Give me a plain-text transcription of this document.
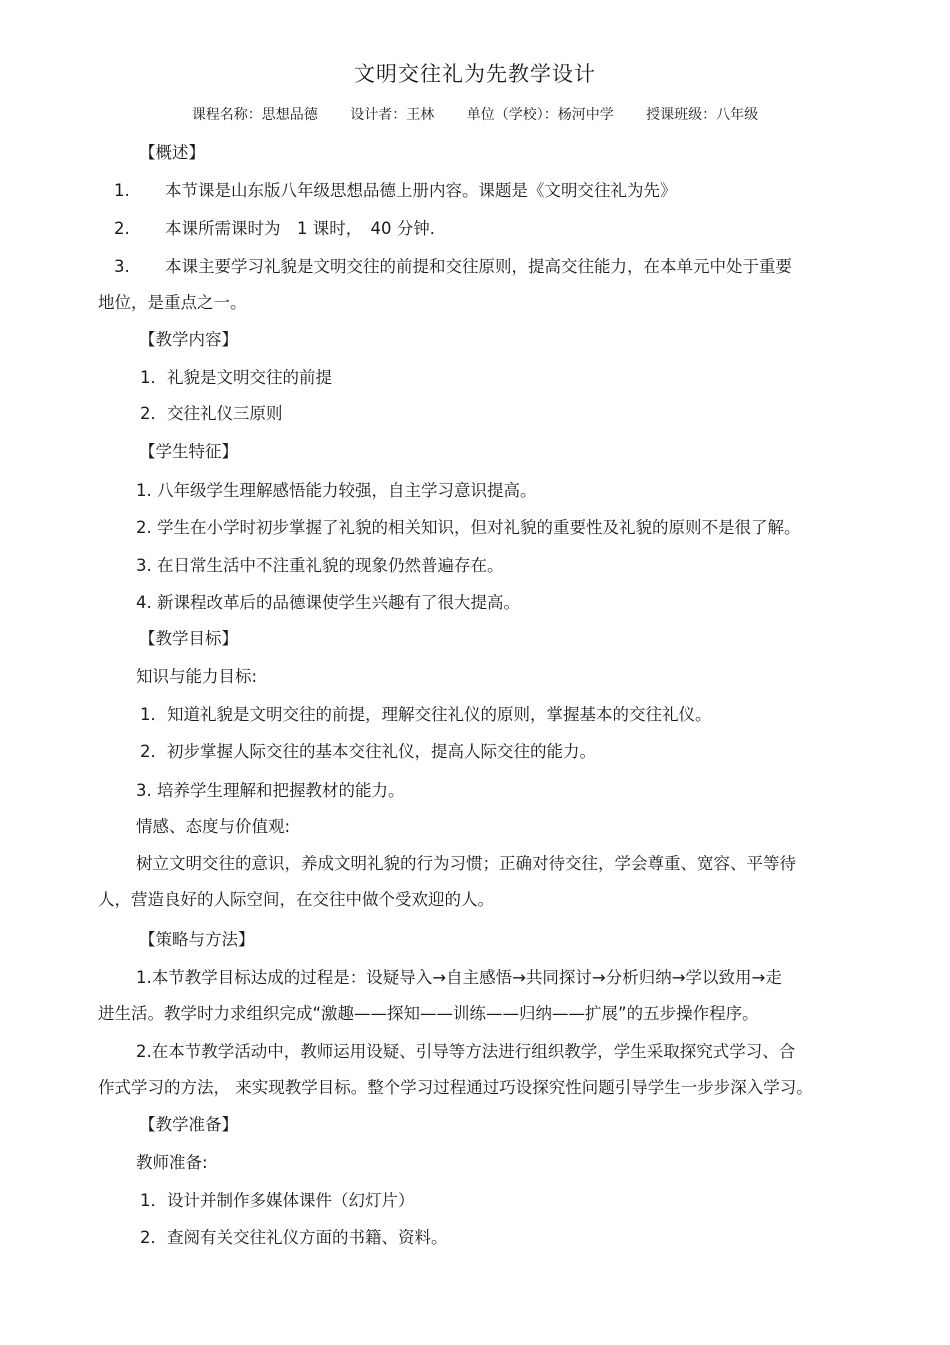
文明交往礼为先教学设计
课程名称：思想品德 设计者：王林 单位（学校）：杨河中学 授课班级：八年级
【概述】
1. 本节课是山东版八年级思想品德上册内容。课题是《文明交往礼为先》
2. 本课所需课时为　1 课时，　40 分钟．
3. 本课主要学习礼貌是文明交往的前提和交往原则，提高交往能力，在本单元中处于重要
地位，是重点之一。
【教学内容】
1．礼貌是文明交往的前提
2．交往礼仪三原则
【学生特征】
1. 八年级学生理解感悟能力较强，自主学习意识提高。
2. 学生在小学时初步掌握了礼貌的相关知识，但对礼貌的重要性及礼貌的原则不是很了解。
3. 在日常生活中不注重礼貌的现象仍然普遍存在。
4. 新课程改革后的品德课使学生兴趣有了很大提高。
【教学目标】
知识与能力目标:
1．知道礼貌是文明交往的前提，理解交往礼仪的原则，掌握基本的交往礼仪。
2．初步掌握人际交往的基本交往礼仪，提高人际交往的能力。
3. 培养学生理解和把握教材的能力。
情感、态度与价值观:
树立文明交往的意识，养成文明礼貌的行为习惯；正确对待交往，学会尊重、宽容、平等待
人，营造良好的人际空间，在交往中做个受欢迎的人。
【策略与方法】
1.本节教学目标达成的过程是：设疑导入→自主感悟→共同探讨→分析归纳→学以致用→走
进生活。教学时力求组织完成“激趣——探知——训练——归纳——扩展”的五步操作程序。
2.在本节教学活动中，教师运用设疑、引导等方法进行组织教学，学生采取探究式学习、合
作式学习的方法， 来实现教学目标。整个学习过程通过巧设探究性问题引导学生一步步深入学习。
【教学准备】
教师准备:
1．设计并制作多媒体课件（幻灯片）
2．查阅有关交往礼仪方面的书籍、资料。
